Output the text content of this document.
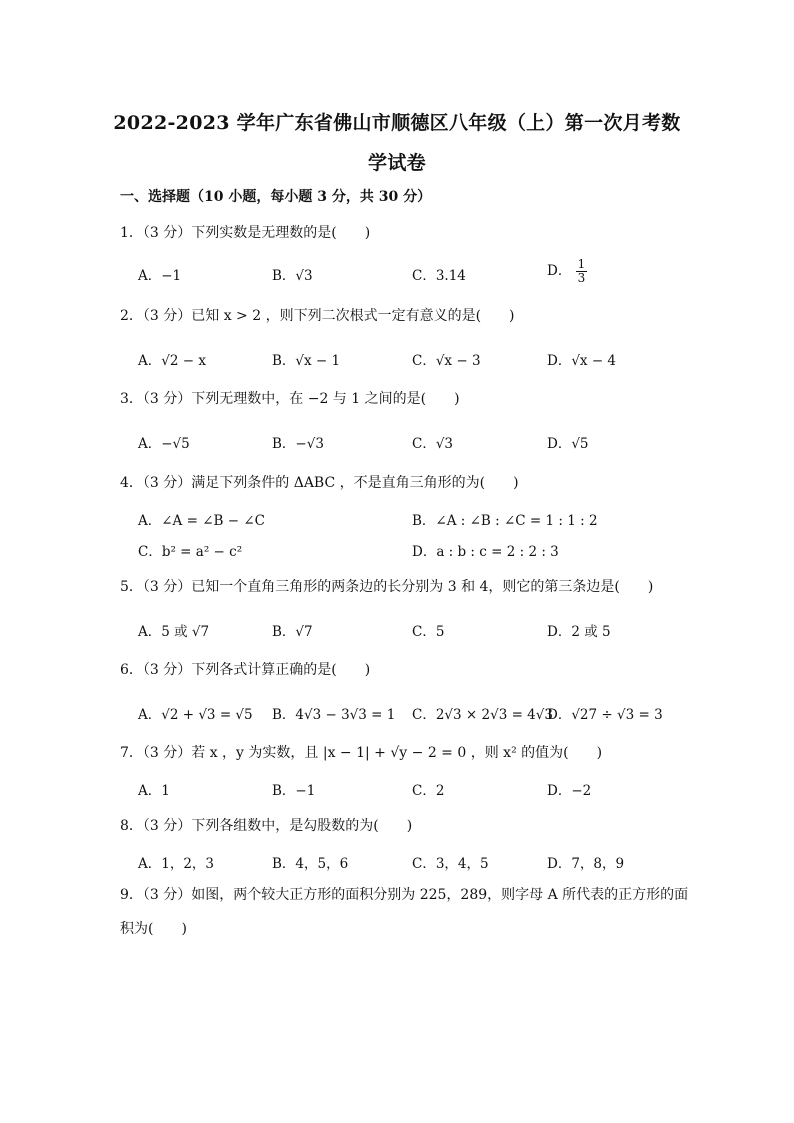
2022-2023 学年广东省佛山市顺德区八年级（上）第一次月考数
学试卷
一、选择题（10 小题，每小题 3 分，共 30 分）
1．（3 分）下列实数是无理数的是(　　)
A．−1	B．√3	C．3.14	D． $\frac{1}{3}$
2．（3 分）已知 x > 2 ，则下列二次根式一定有意义的是(　　)
A．√2 − x	B．√x − 1	C．√x − 3	D．√x − 4
3．（3 分）下列无理数中，在 −2 与 1 之间的是(　　)
A．−√5	B．−√3	C．√3	D．√5
4．（3 分）满足下列条件的 ΔABC ，不是直角三角形的为(　　)
A．∠A = ∠B − ∠C	B．∠A : ∠B : ∠C = 1 : 1 : 2
C．b² = a² − c²	D．a : b : c = 2 : 2 : 3
5．（3 分）已知一个直角三角形的两条边的长分别为 3 和 4，则它的第三条边是(　　)
A．5 或 √7	B．√7	C．5	D．2 或 5
6．（3 分）下列各式计算正确的是(　　)
A．√2 + √3 = √5 B．4√3 − 3√3 = 1 C．2√3 × 2√3 = 4√3
D．√27 ÷ √3 = 3
7．（3 分）若 x ，y 为实数，且 |x − 1| + √y − 2 = 0 ，则 x² 的值为(　　)
A．1	B．−1	C．2	D．−2
8．（3 分）下列各组数中，是勾股数的为(　　)
A．1，2，3	B．4，5，6	C．3，4，5	D．7，8，9
9．（3 分）如图，两个较大正方形的面积分别为 225，289，则字母 A 所代表的正方形的面
积为(　　)
